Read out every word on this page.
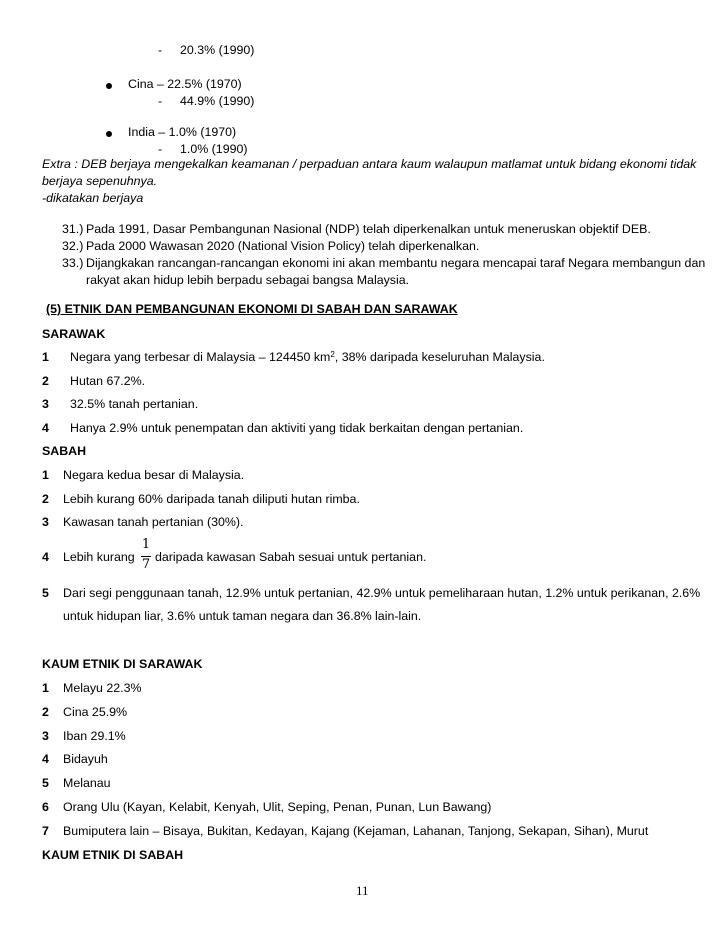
- 20.3% (1990)
Cina – 22.5% (1970)
- 44.9% (1990)
India – 1.0% (1970)
- 1.0% (1990)
Extra : DEB berjaya mengekalkan keamanan / perpaduan antara kaum walaupun matlamat untuk bidang ekonomi tidak
berjaya sepenuhnya.
-dikatakan berjaya
31.) Pada 1991, Dasar Pembangunan Nasional (NDP) telah diperkenalkan untuk meneruskan objektif DEB.
32.) Pada 2000 Wawasan 2020 (National Vision Policy) telah diperkenalkan.
33.) Dijangkakan rancangan-rancangan ekonomi ini akan membantu negara mencapai taraf Negara membangun dan
rakyat akan hidup lebih berpadu sebagai bangsa Malaysia.
(5) ETNIK DAN PEMBANGUNAN EKONOMI DI SABAH DAN SARAWAK
SARAWAK
1 Negara yang terbesar di Malaysia – 124450 $km^2$, 38% daripada keseluruhan Malaysia.
2 Hutan 67.2%.
3 32.5% tanah pertanian.
4 Hanya 2.9% untuk penempatan dan aktiviti yang tidak berkaitan dengan pertanian.
SABAH
1 Negara kedua besar di Malaysia.
2 Lebih kurang 60% daripada tanah diliputi hutan rimba.
3 Kawasan tanah pertanian (30%).
4 Lebih kurang
1
7 daripada kawasan Sabah sesuai untuk pertanian.
5 Dari segi penggunaan tanah, 12.9% untuk pertanian, 42.9% untuk pemeliharaan hutan, 1.2% untuk perikanan, 2.6%
untuk hidupan liar, 3.6% untuk taman negara dan 36.8% lain-lain.
KAUM ETNIK DI SARAWAK
1 Melayu 22.3%
2 Cina 25.9%
3 Iban 29.1%
4 Bidayuh
5 Melanau
6 Orang Ulu (Kayan, Kelabit, Kenyah, Ulit, Seping, Penan, Punan, Lun Bawang)
7 Bumiputera lain – Bisaya, Bukitan, Kedayan, Kajang (Kejaman, Lahanan, Tanjong, Sekapan, Sihan), Murut
KAUM ETNIK DI SABAH
11
